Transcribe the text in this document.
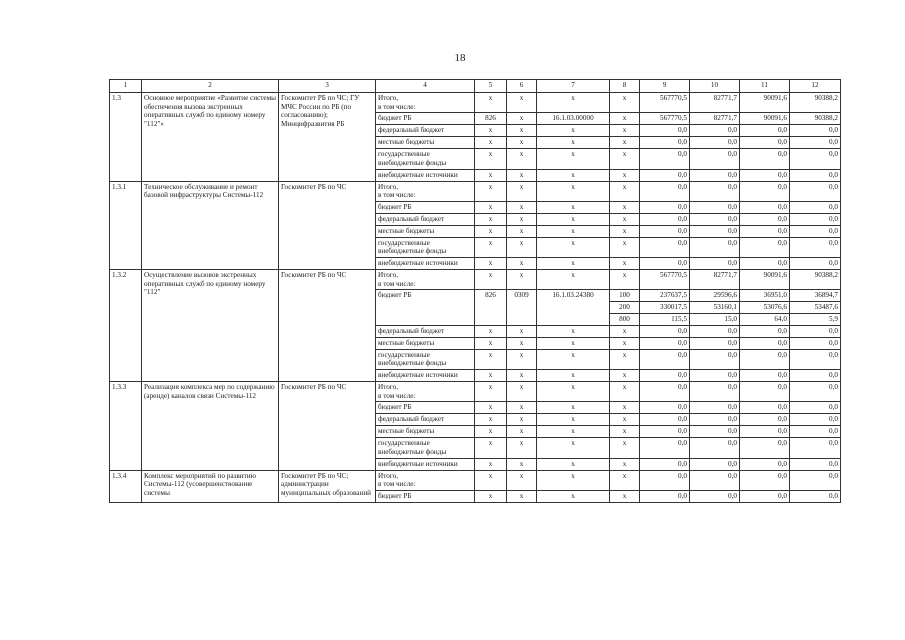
18
1	2	3	4	5	6	7	8	9	10	11	12
1.3	Основное мероприятие «Развитие системы обеспечения вызова экстренных оперативных служб по единому номеру "112"»	Госкомитет РБ по ЧС; ГУ МЧС России по РБ (по согласованию); Минцифразвития РБ	Итого,
в том числе:	х	х	х	х	567770,5	82771,7	90091,6	90388,2
			бюджет РБ	826	х	16.1.03.00000	х	567770,5	82771,7	90091,6	90388,2
			федеральный бюджет	х	х	х	х	0,0	0,0	0,0	0,0
			местные бюджеты	х	х	х	х	0,0	0,0	0,0	0,0
			государственные внебюджетные фонды	х	х	х	х	0,0	0,0	0,0	0,0
			внебюджетные источники	х	х	х	х	0,0	0,0	0,0	0,0
1.3.1	Техническое обслуживание и ремонт базовой инфраструктуры Системы-112	Госкомитет РБ по ЧС	Итого,
в том числе:	х	х	х	х	0,0	0,0	0,0	0,0
			бюджет РБ	х	х	х	х	0,0	0,0	0,0	0,0
			федеральный бюджет	х	х	х	х	0,0	0,0	0,0	0,0
			местные бюджеты	х	х	х	х	0,0	0,0	0,0	0,0
			государственные внебюджетные фонды	х	х	х	х	0,0	0,0	0,0	0,0
			внебюджетные источники	х	х	х	х	0,0	0,0	0,0	0,0
1.3.2	Осуществление вызовов экстренных оперативных служб по единому номеру "112"	Госкомитет РБ по ЧС	Итого,
в том числе:	х	х	х	х	567770,5	82771,7	90091,6	90388,2
			бюджет РБ	826	0309	16.1.03.24380	100	237637,5	29596,6	36951,0	36894,7
							200	330017,5	53160,1	53076,6	53487,6
							800	115,5	15,0	64,0	5,9
			федеральный бюджет	х	х	х	х	0,0	0,0	0,0	0,0
			местные бюджеты	х	х	х	х	0,0	0,0	0,0	0,0
			государственные внебюджетные фонды	х	х	х	х	0,0	0,0	0,0	0,0
			внебюджетные источники	х	х	х	х	0,0	0,0	0,0	0,0
1.3.3	Реализация комплекса мер по содержанию (аренде) каналов связи Системы-112	Госкомитет РБ по ЧС	Итого,
в том числе:	х	х	х	х	0,0	0,0	0,0	0,0
			бюджет РБ	х	х	х	х	0,0	0,0	0,0	0,0
			федеральный бюджет	х	х	х	х	0,0	0,0	0,0	0,0
			местные бюджеты	х	х	х	х	0,0	0,0	0,0	0,0
			государственные внебюджетные фонды	х	х	х	х	0,0	0,0	0,0	0,0
			внебюджетные источники	х	х	х	х	0,0	0,0	0,0	0,0
1.3.4	Комплекс мероприятий по развитию Системы-112 (усовершенствование системы	Госкомитет РБ по ЧС; администрации муниципальных образований	Итого,
в том числе:	х	х	х	х	0,0	0,0	0,0	0,0
			бюджет РБ	х	х	х	х	0,0	0,0	0,0	0,0
